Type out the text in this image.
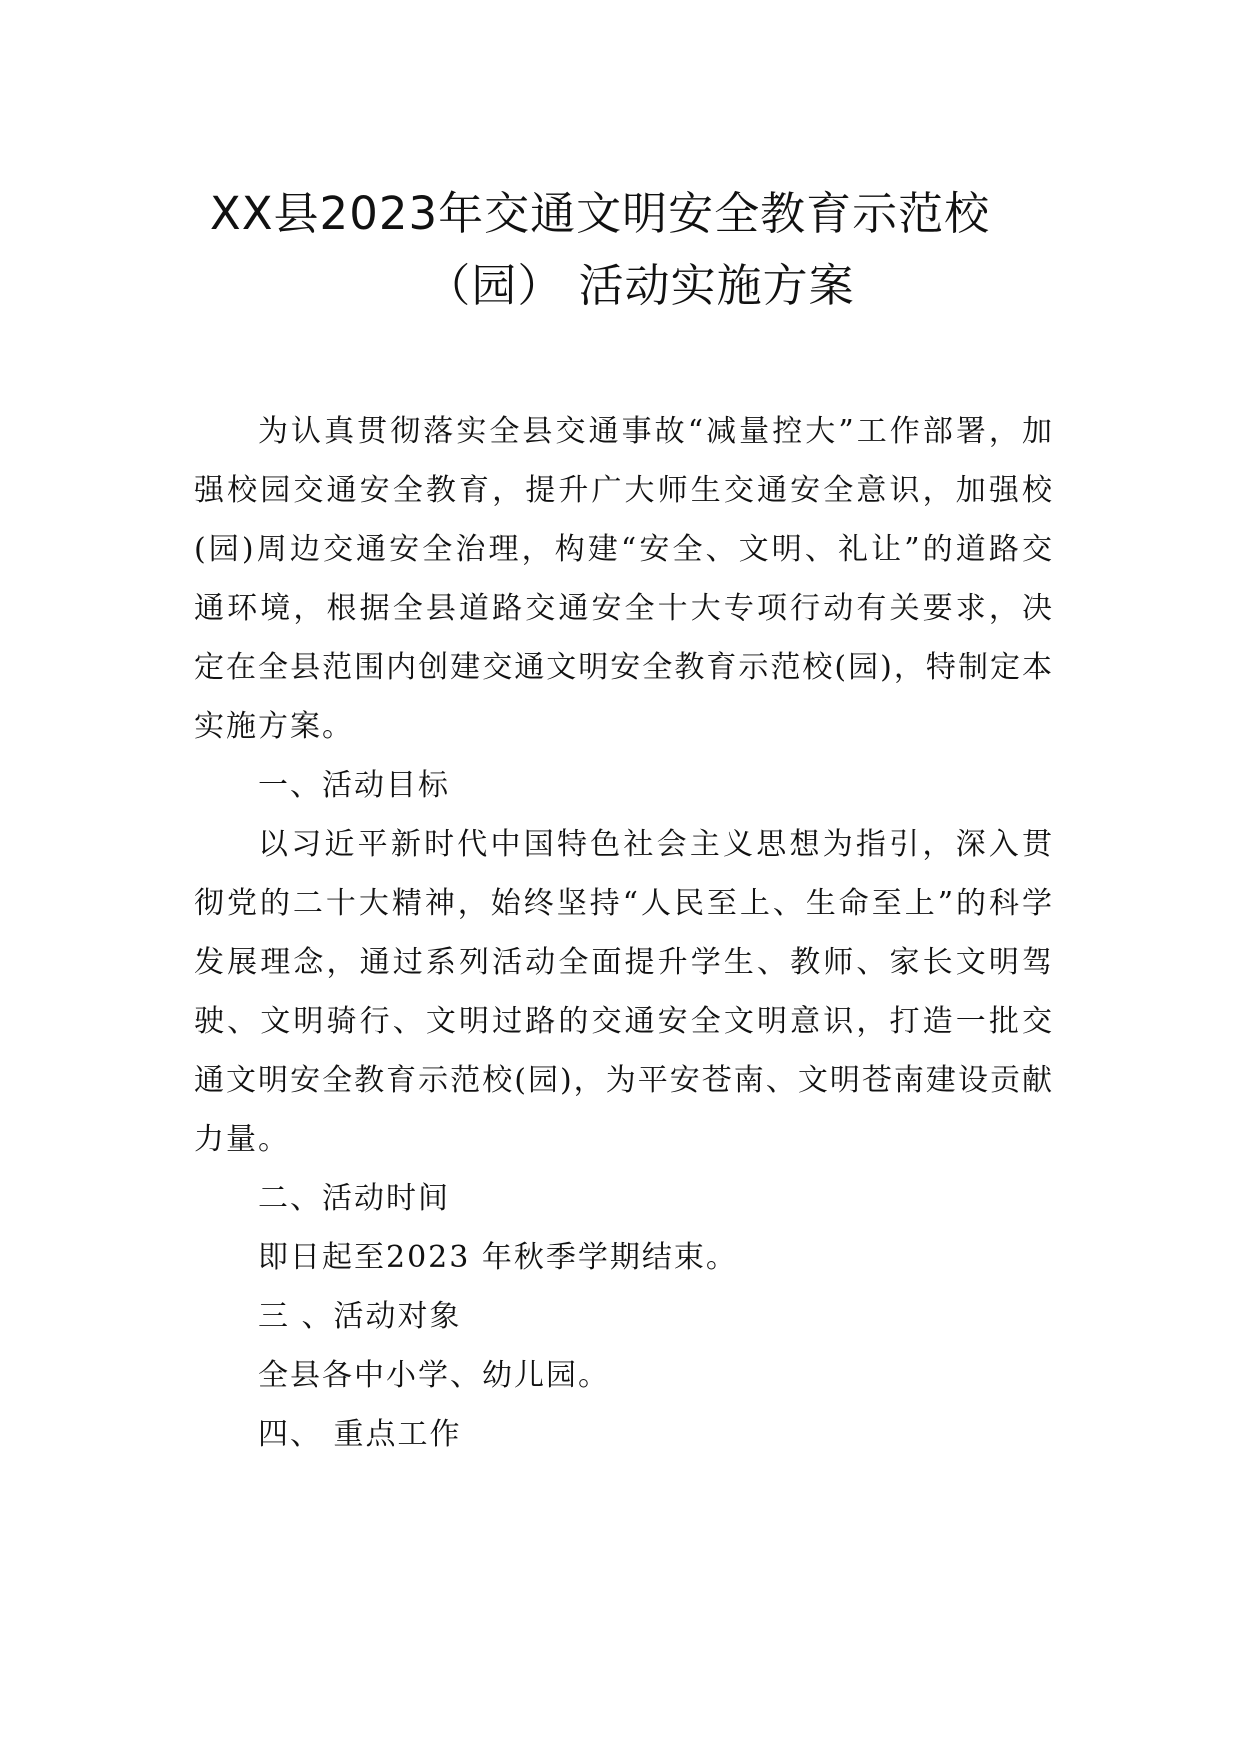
XX县2023年交通文明安全教育示范校
（园） 活动实施方案

为认真贯彻落实全县交通事故“减量控大”工作部署，加强校园交通安全教育，提升广大师生交通安全意识，加强校(园)周边交通安全治理，构建“安全、文明、礼让”的道路交通环境，根据全县道路交通安全十大专项行动有关要求，决定在全县范围内创建交通文明安全教育示范校(园)，特制定本实施方案。

一、活动目标

以习近平新时代中国特色社会主义思想为指引，深入贯彻党的二十大精神，始终坚持“人民至上、生命至上”的科学发展理念，通过系列活动全面提升学生、教师、家长文明驾驶、文明骑行、文明过路的交通安全文明意识，打造一批交通文明安全教育示范校(园)，为平安苍南、文明苍南建设贡献力量。

二、活动时间

即日起至2023 年秋季学期结束。

三 、活动对象

全县各中小学、幼儿园。

四、 重点工作
